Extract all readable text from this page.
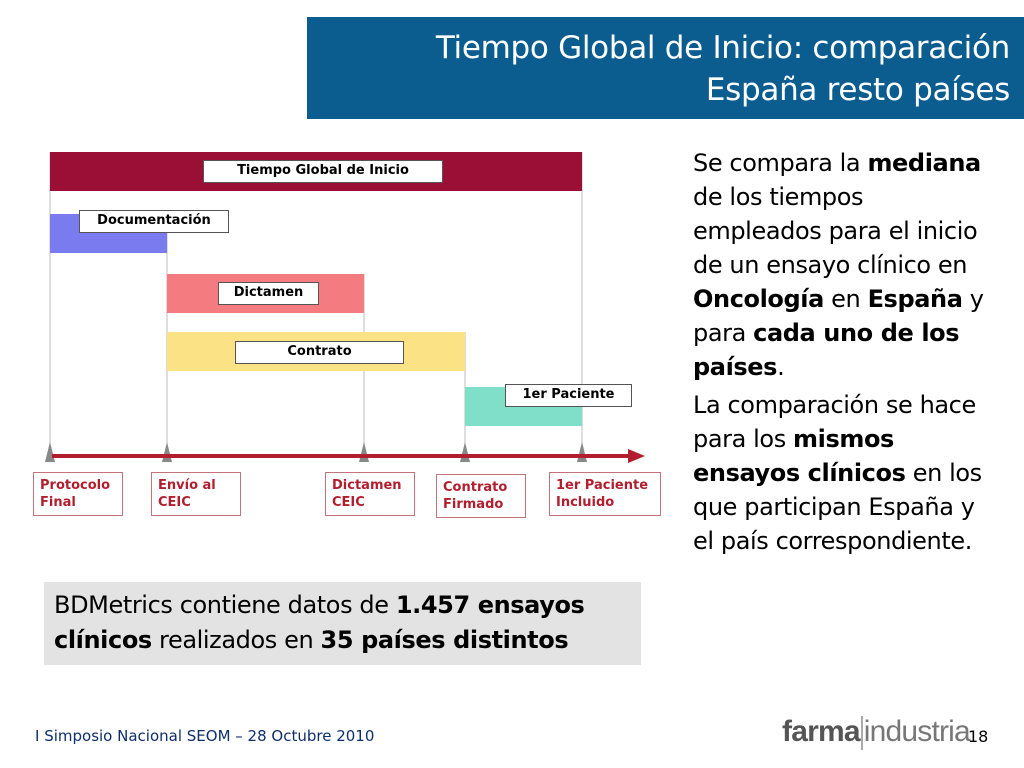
Tiempo Global de Inicio: comparación
España resto países
Tiempo Global de Inicio
Documentación
Dictamen
Contrato
1er Paciente
Protocolo
Final
Envío al
CEIC
Dictamen
CEIC
Contrato
Firmado
1er Paciente
Incluido

Se compara la mediana de los tiempos empleados para el inicio de un ensayo clínico en Oncología en España y para cada uno de los países.

La comparación se hace para los mismos ensayos clínicos en los que participan España y el país correspondiente.

BDMetrics contiene datos de 1.457 ensayos clínicos realizados en 35 países distintos
I Simposio Nacional SEOM – 28 Octubre 2010	farma industria
18
